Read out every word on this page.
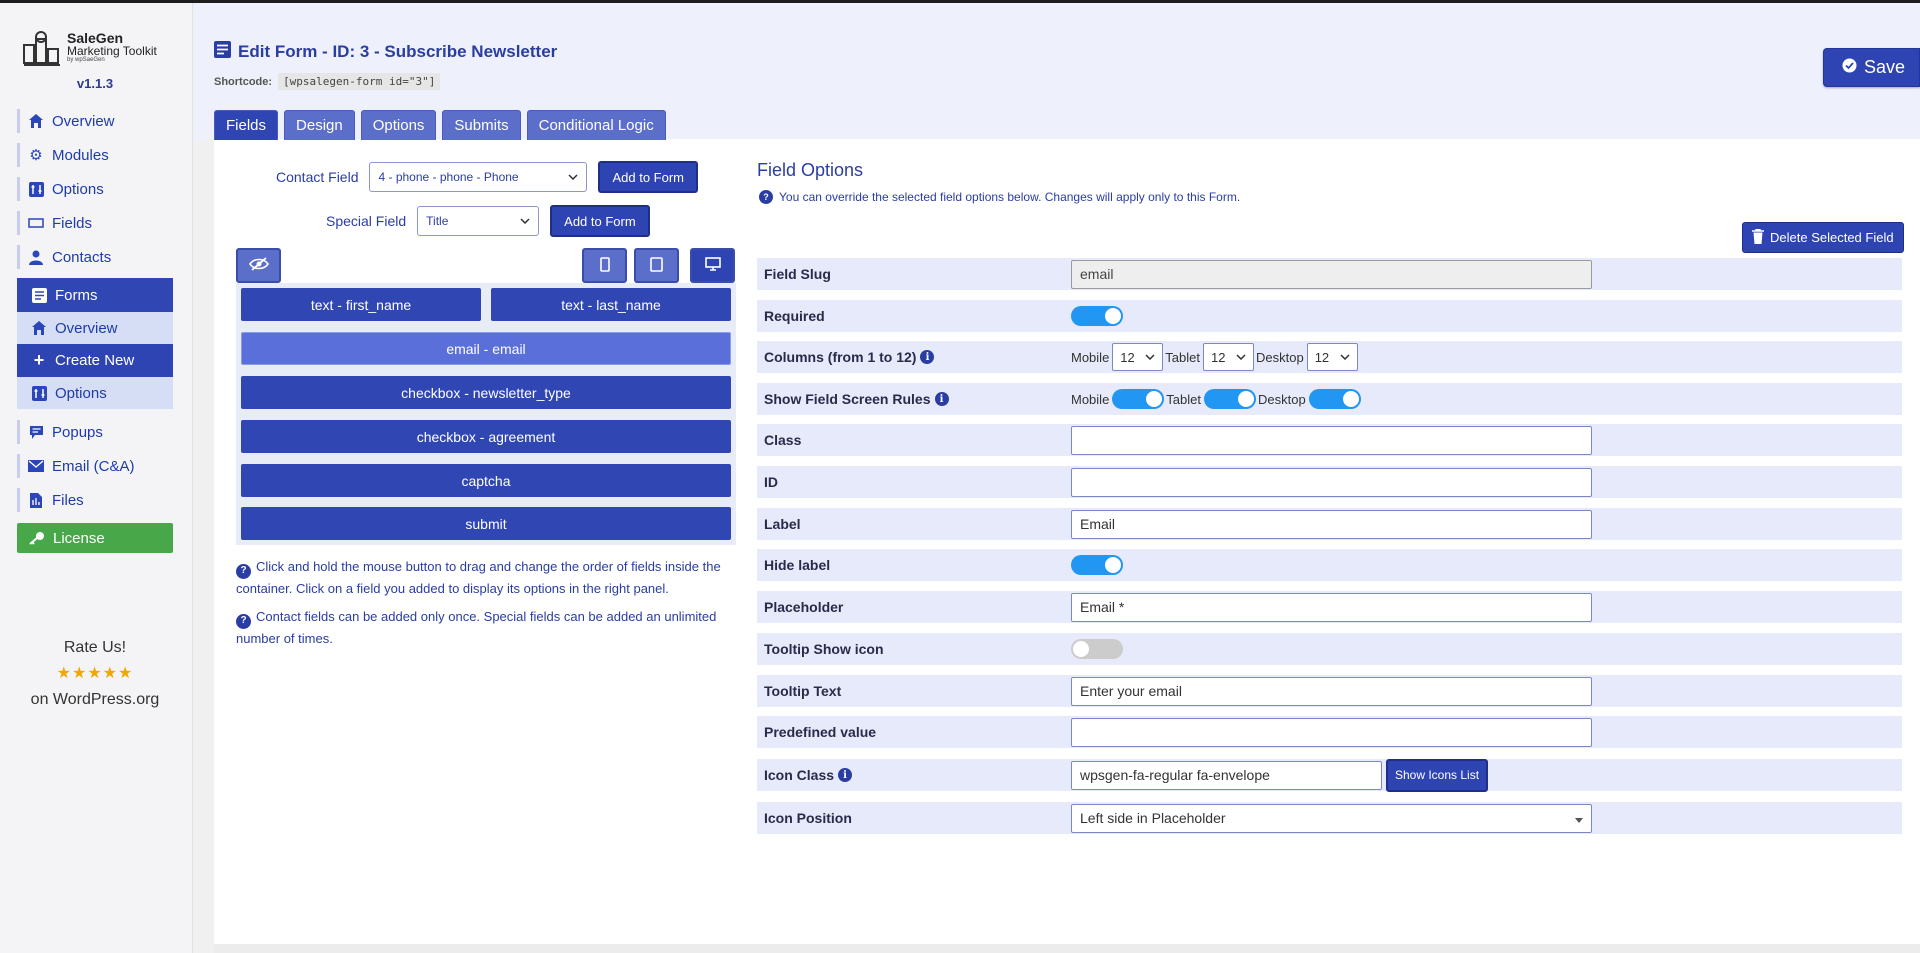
SaleGen
Marketing Toolkit
by wpSaeGen
v1.1.3
Overview
⚙ Modules
Options
Fields
Contacts
Forms
Overview
+ Create New
Options
Popups
Email (C&A)
Files
License
Rate Us!
★★★★★
on WordPress.org
Edit Form - ID: 3 - Subscribe Newsletter
Shortcode:	[wpsalegen-form id="3"]
Save
Fields	Design	Options	Submits	Conditional Logic
Contact Field 4 - phone - phone - Phone	Add to Form
Special Field Title	Add to Form
text - first_name	text - last_name
email - email
checkbox - newsletter_type
checkbox - agreement
captcha
submit
? Click and hold the mouse button to drag and change the order of fields inside the container. Click on a field you added to display its options in the right panel.
? Contact fields can be added only once. Special fields can be added an unlimited number of times.
Field Options
? You can override the selected field options below. Changes will apply only to this Form.
Delete Selected Field
Field Slug	email
Required
Columns (from 1 to 12) i	Mobile 12 Tablet 12 Desktop 12
Show Field Screen Rules i	Mobile	Tablet	Desktop
Class
ID
Label	Email
Hide label
Placeholder	Email *
Tooltip Show icon
Tooltip Text	Enter your email
Predefined value
Icon Class i	wpsgen-fa-regular fa-envelope	Show Icons List
Icon Position	Left side in Placeholder
